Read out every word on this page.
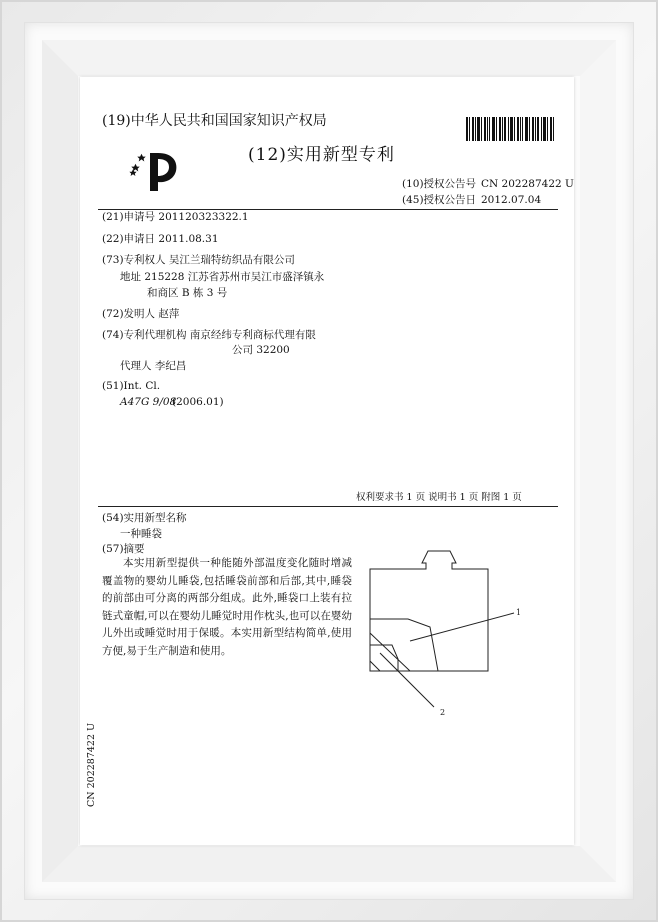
(19)中华人民共和国国家知识产权局
(12)实用新型专利
(10)授权公告号 CN 202287422 U
(45)授权公告日 2012.07.04
(21)申请号 201120323322.1
(22)申请日 2011.08.31
(73)专利权人 吴江兰瑞特纺织品有限公司
地址 215228 江苏省苏州市吴江市盛泽镇永
和商区 B 栋 3 号
(72)发明人 赵萍
(74)专利代理机构 南京经纬专利商标代理有限
公司 32200
代理人 李纪昌
(51)Int. Cl.
A47G 9/08
(2006.01)
权利要求书 1 页 说明书 1 页 附图 1 页
(54)实用新型名称
一种睡袋
(57)摘要
本实用新型提供一种能随外部温度变化随时增减覆盖物的婴幼儿睡袋,包括睡袋前部和后部,其中,睡袋的前部由可分离的两部分组成。此外,睡袋口上装有拉链式童帽,可以在婴幼儿睡觉时用作枕头,也可以在婴幼儿外出或睡觉时用于保暖。本实用新型结构简单,使用方便,易于生产制造和使用。
1
2
CN 202287422 U
